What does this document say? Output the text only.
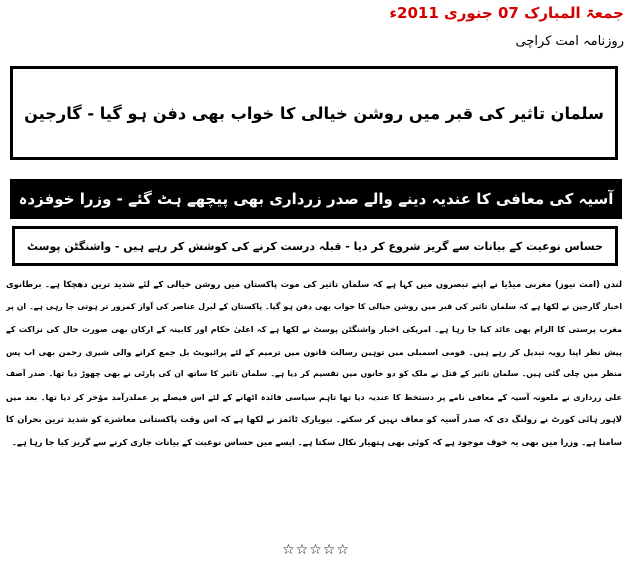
جمعۃ المبارک 07 جنوری 2011ء
روزنامہ امت کراچی
سلمان تاثیر کی قبر میں روشن خیالی کا خواب بھی دفن ہو گیا - گارجین
آسیہ کی معافی کا عندیہ دینے والے صدر زرداری بھی پیچھے ہٹ گئے - وزرا خوفزدہ
حساس نوعیت کے بیانات سے گریز شروع کر دیا - قبلہ درست کرنے کی کوشش کر رہے ہیں - واشنگٹن پوسٹ
لندن (امت نیوز) مغربی میڈیا نے اپنے تبصروں میں کہا ہے کہ سلمان تاثیر کی موت پاکستان میں روشن خیالی کے لئے شدید ترین دھچکا ہے۔ برطانوی
اخبار گارجین نے لکھا ہے کہ سلمان تاثیر کی قبر میں روشن خیالی کا خواب بھی دفن ہو گیا۔ پاکستان کے لبرل عناصر کی آواز کمزور تر ہوتی جا رہی ہے۔ ان پر
مغرب پرستی کا الزام بھی عائد کیا جا رہا ہے۔ امریکی اخبار واشنگٹن پوسٹ نے لکھا ہے کہ اعلیٰ حکام اور کابینہ کے ارکان بھی صورت حال کی نزاکت کے
پیش نظر اپنا رویہ تبدیل کر رہے ہیں۔ قومی اسمبلی میں توہین رسالت قانون میں ترمیم کے لئے پرائیویٹ بل جمع کرانے والی شیری رحمن بھی اب پس
منظر میں چلی گئی ہیں۔ سلمان تاثیر کے قتل نے ملک کو دو خانوں میں تقسیم کر دیا ہے۔ سلمان تاثیر کا ساتھ ان کی پارٹی نے بھی چھوڑ دیا تھا۔ صدر آصف
علی زرداری نے ملعونہ آسیہ کے معافی نامے پر دستخط کا عندیہ دیا تھا تاہم سیاسی فائدہ اٹھانے کے لئے اس فیصلے پر عملدرآمد مؤخر کر دیا تھا۔ بعد میں
لاہور ہائی کورٹ نے رولنگ دی کہ صدر آسیہ کو معاف نہیں کر سکتے۔ نیویارک ٹائمز نے لکھا ہے کہ اس وقت پاکستانی معاشرے کو شدید ترین بحران کا
سامنا ہے۔ وزرا میں بھی یہ خوف موجود ہے کہ کوئی بھی ہتھیار نکال سکتا ہے۔ ایسے میں حساس نوعیت کے بیانات جاری کرنے سے گریز کیا جا رہا ہے۔
☆☆☆☆☆
